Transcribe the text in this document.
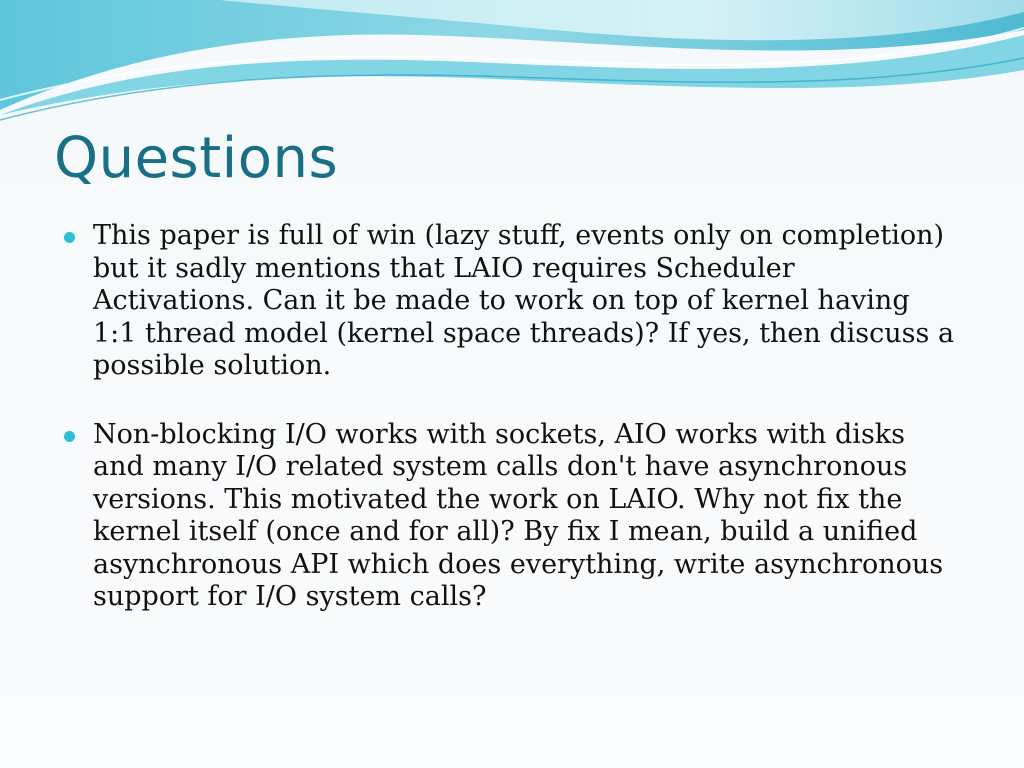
Questions
This paper is full of win (lazy stuff, events only on completion) but it sadly mentions that LAIO requires Scheduler Activations. Can it be made to work on top of kernel having 1:1 thread model (kernel space threads)? If yes, then discuss a possible solution.
Non-blocking I/O works with sockets, AIO works with disks and many I/O related system calls don't have asynchronous versions. This motivated the work on LAIO. Why not fix the kernel itself (once and for all)? By fix I mean, build a unified asynchronous API which does everything, write asynchronous support for I/O system calls?
